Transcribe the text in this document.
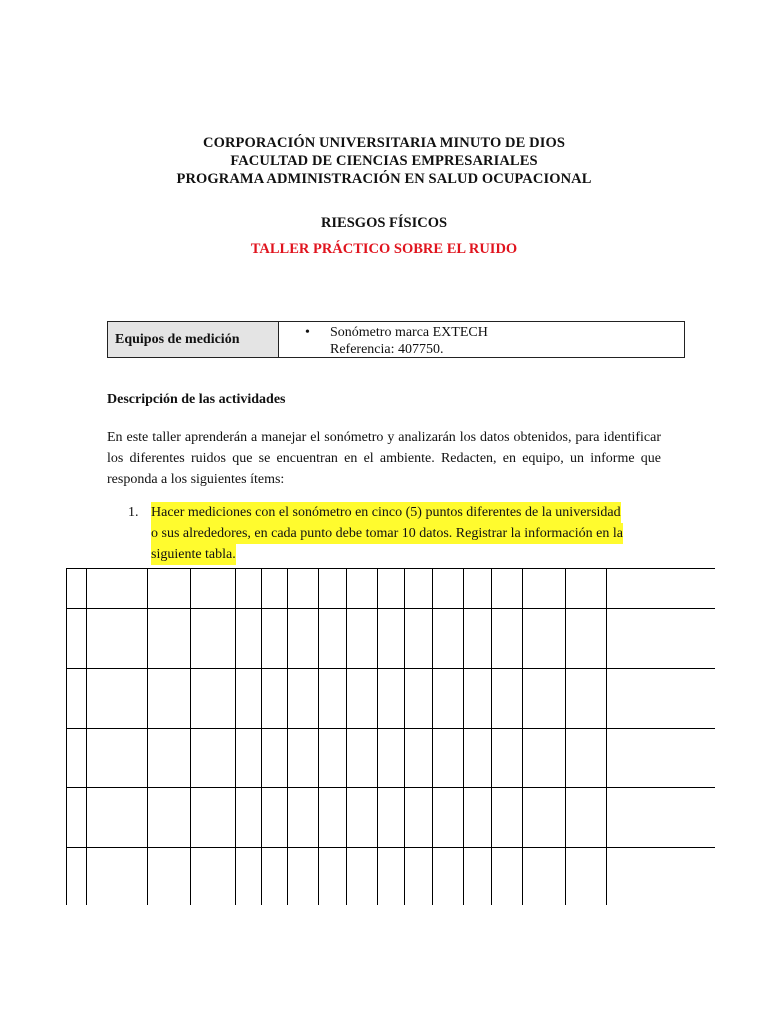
CORPORACIÓN UNIVERSITARIA MINUTO DE DIOS
FACULTAD DE CIENCIAS EMPRESARIALES
PROGRAMA ADMINISTRACIÓN EN SALUD OCUPACIONAL
RIESGOS FÍSICOS
TALLER PRÁCTICO SOBRE EL RUIDO
Equipos de medición	• Sonómetro marca EXTECH
Referencia: 407750.
Descripción de las actividades
En este taller aprenderán a manejar el sonómetro y analizarán los datos obtenidos, para identificar los diferentes ruidos que se encuentran en el ambiente. Redacten, en equipo, un informe que responda a los siguientes ítems:
1. Hacer mediciones con el sonómetro en cinco (5) puntos diferentes de la universidad
o sus alrededores, en cada punto debe tomar 10 datos. Registrar la información en la
siguiente tabla.
